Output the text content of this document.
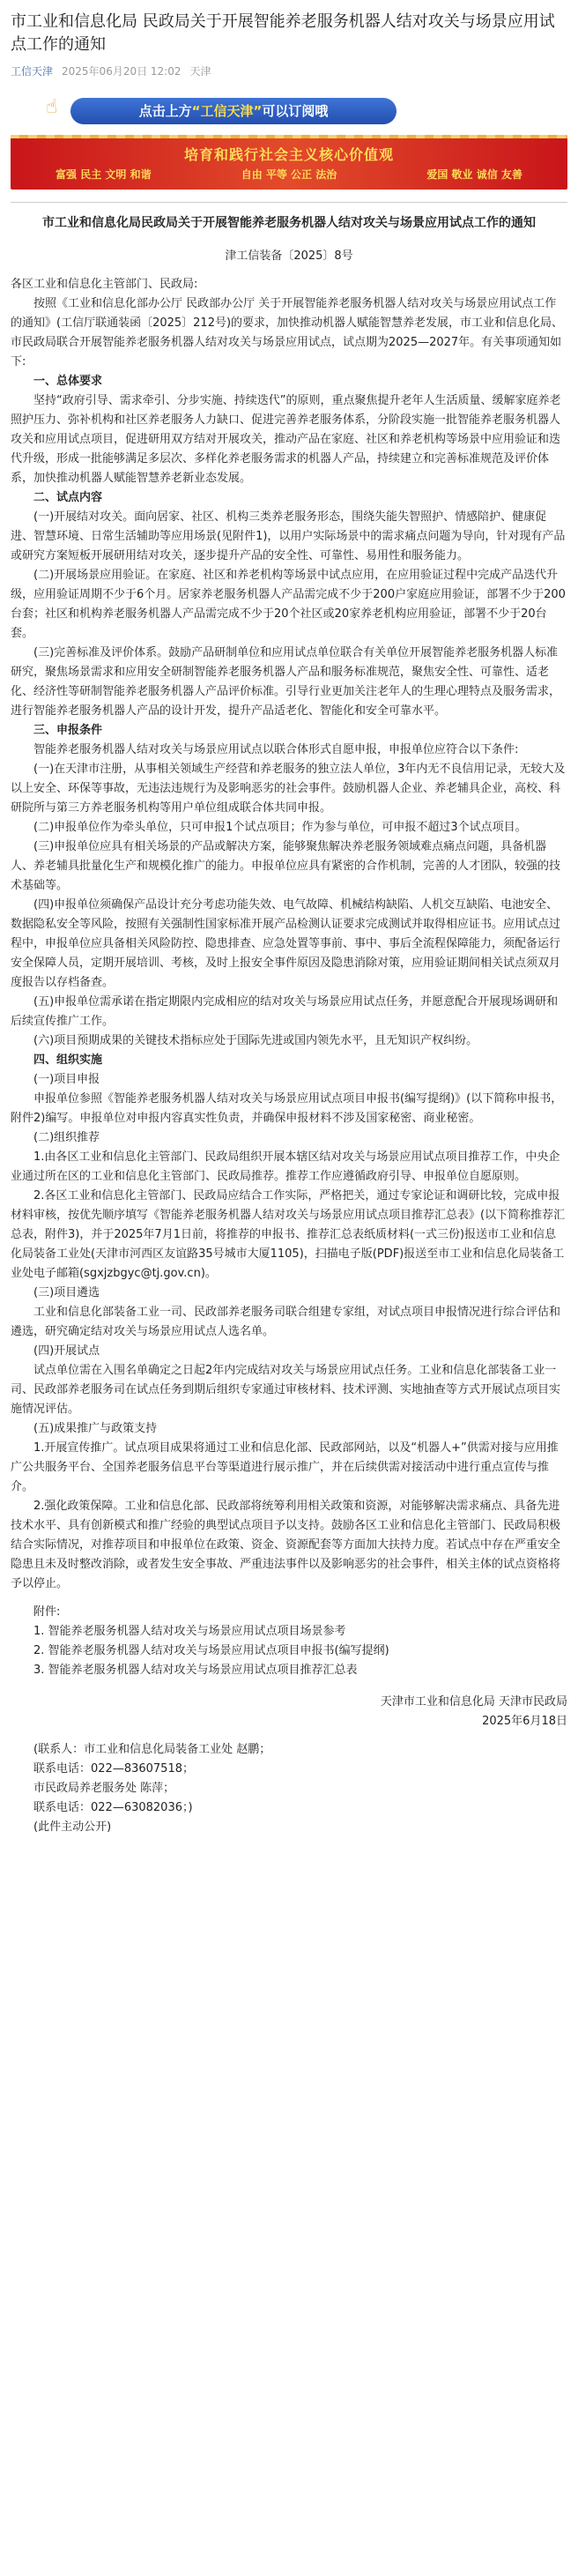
市工业和信息化局 民政局关于开展智能养老服务机器人结对攻关与场景应用试点工作的通知
工信天津 2025年06月20日 12:02 天津
☝	点击上方“工信天津”可以订阅哦
培育和践行社会主义核心价值观
富强 民主 文明 和谐	自由 平等 公正 法治	爱国 敬业 诚信 友善
市工业和信息化局民政局关于开展智能养老服务机器人结对攻关与场景应用试点工作的通知
津工信装备〔2025〕8号

各区工业和信息化主管部门、民政局:

按照《工业和信息化部办公厅 民政部办公厅 关于开展智能养老服务机器人结对攻关与场景应用试点工作的通知》(工信厅联通装函〔2025〕212号)的要求，加快推动机器人赋能智慧养老发展，市工业和信息化局、市民政局联合开展智能养老服务机器人结对攻关与场景应用试点，试点期为2025—2027年。有关事项通知如下:

一、总体要求

坚持“政府引导、需求牵引、分步实施、持续迭代”的原则，重点聚焦提升老年人生活质量、缓解家庭养老照护压力、弥补机构和社区养老服务人力缺口、促进完善养老服务体系，分阶段实施一批智能养老服务机器人攻关和应用试点项目，促进研用双方结对开展攻关，推动产品在家庭、社区和养老机构等场景中应用验证和迭代升级，形成一批能够满足多层次、多样化养老服务需求的机器人产品，持续建立和完善标准规范及评价体系，加快推动机器人赋能智慧养老新业态发展。

二、试点内容

(一)开展结对攻关。面向居家、社区、机构三类养老服务形态，围绕失能失智照护、情感陪护、健康促进、智慧环境、日常生活辅助等应用场景(见附件1)，以用户实际场景中的需求痛点问题为导向，针对现有产品或研究方案短板开展研用结对攻关，逐步提升产品的安全性、可靠性、易用性和服务能力。

(二)开展场景应用验证。在家庭、社区和养老机构等场景中试点应用，在应用验证过程中完成产品迭代升级，应用验证周期不少于6个月。居家养老服务机器人产品需完成不少于200户家庭应用验证，部署不少于200台套；社区和机构养老服务机器人产品需完成不少于20个社区或20家养老机构应用验证，部署不少于20台套。

(三)完善标准及评价体系。鼓励产品研制单位和应用试点单位联合有关单位开展智能养老服务机器人标准研究，聚焦场景需求和应用安全研制智能养老服务机器人产品和服务标准规范，聚焦安全性、可靠性、适老化、经济性等研制智能养老服务机器人产品评价标准。引导行业更加关注老年人的生理心理特点及服务需求，进行智能养老服务机器人产品的设计开发，提升产品适老化、智能化和安全可靠水平。

三、申报条件

智能养老服务机器人结对攻关与场景应用试点以联合体形式自愿申报，申报单位应符合以下条件:

(一)在天津市注册，从事相关领域生产经营和养老服务的独立法人单位，3年内无不良信用记录，无较大及以上安全、环保等事故，无违法违规行为及影响恶劣的社会事件。鼓励机器人企业、养老辅具企业，高校、科研院所与第三方养老服务机构等用户单位组成联合体共同申报。

(二)申报单位作为牵头单位，只可申报1个试点项目；作为参与单位，可申报不超过3个试点项目。

(三)申报单位应具有相关场景的产品或解决方案，能够聚焦解决养老服务领域难点痛点问题，具备机器人、养老辅具批量化生产和规模化推广的能力。申报单位应具有紧密的合作机制，完善的人才团队，较强的技术基础等。

(四)申报单位须确保产品设计充分考虑功能失效、电气故障、机械结构缺陷、人机交互缺陷、电池安全、数据隐私安全等风险，按照有关强制性国家标准开展产品检测认证要求完成测试并取得相应证书。应用试点过程中，申报单位应具备相关风险防控、隐患排查、应急处置等事前、事中、事后全流程保障能力，须配备运行安全保障人员，定期开展培训、考核，及时上报安全事件原因及隐患消除对策，应用验证期间相关试点须双月度报告以存档备查。

(五)申报单位需承诺在指定期限内完成相应的结对攻关与场景应用试点任务，并愿意配合开展现场调研和后续宣传推广工作。

(六)项目预期成果的关键技术指标应处于国际先进或国内领先水平，且无知识产权纠纷。

四、组织实施

(一)项目申报

申报单位参照《智能养老服务机器人结对攻关与场景应用试点项目申报书(编写提纲)》(以下简称申报书，附件2)编写。申报单位对申报内容真实性负责，并确保申报材料不涉及国家秘密、商业秘密。

(二)组织推荐

1.由各区工业和信息化主管部门、民政局组织开展本辖区结对攻关与场景应用试点项目推荐工作，中央企业通过所在区的工业和信息化主管部门、民政局推荐。推荐工作应遵循政府引导、申报单位自愿原则。

2.各区工业和信息化主管部门、民政局应结合工作实际，严格把关，通过专家论证和调研比较，完成申报材料审核，按优先顺序填写《智能养老服务机器人结对攻关与场景应用试点项目推荐汇总表》(以下简称推荐汇总表，附件3)，并于2025年7月1日前，将推荐的申报书、推荐汇总表纸质材料(一式三份)报送市工业和信息化局装备工业处(天津市河西区友谊路35号城市大厦1105)，扫描电子版(PDF)报送至市工业和信息化局装备工业处电子邮箱(sgxjzbgyc@tj.gov.cn)。

(三)项目遴选

工业和信息化部装备工业一司、民政部养老服务司联合组建专家组，对试点项目申报情况进行综合评估和遴选，研究确定结对攻关与场景应用试点人选名单。

(四)开展试点

试点单位需在入围名单确定之日起2年内完成结对攻关与场景应用试点任务。工业和信息化部装备工业一司、民政部养老服务司在试点任务到期后组织专家通过审核材料、技术评测、实地抽查等方式开展试点项目实施情况评估。

(五)成果推广与政策支持

1.开展宣传推广。试点项目成果将通过工业和信息化部、民政部网站，以及“机器人+”供需对接与应用推广公共服务平台、全国养老服务信息平台等渠道进行展示推广，并在后续供需对接活动中进行重点宣传与推介。

2.强化政策保障。工业和信息化部、民政部将统筹利用相关政策和资源，对能够解决需求痛点、具备先进技术水平、具有创新模式和推广经验的典型试点项目予以支持。鼓励各区工业和信息化主管部门、民政局积极结合实际情况，对推荐项目和申报单位在政策、资金、资源配套等方面加大扶持力度。若试点中存在严重安全隐患且未及时整改消除，或者发生安全事故、严重违法事件以及影响恶劣的社会事件，相关主体的试点资格将予以停止。

附件:

1. 智能养老服务机器人结对攻关与场景应用试点项目场景参考

2. 智能养老服务机器人结对攻关与场景应用试点项目申报书(编写提纲)

3. 智能养老服务机器人结对攻关与场景应用试点项目推荐汇总表

天津市工业和信息化局 天津市民政局

2025年6月18日

(联系人：市工业和信息化局装备工业处 赵鹏；

联系电话：022—83607518；

市民政局养老服务处 陈萍；

联系电话：022—63082036；)

(此件主动公开)
